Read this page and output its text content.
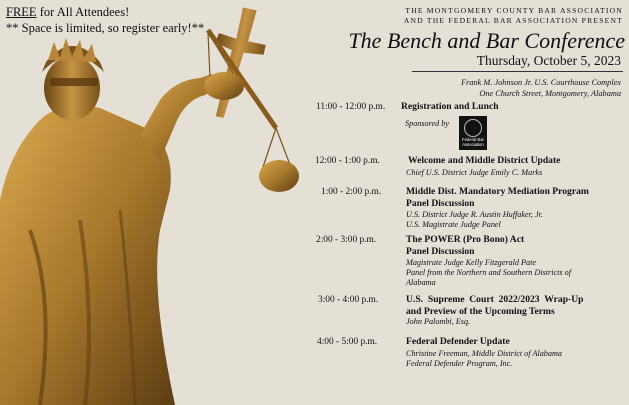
FREE for All Attendees!
** Space is limited, so register early!**
THE MONTGOMERY COUNTY BAR ASSOCIATION
AND THE FEDERAL BAR ASSOCIATION PRESENT
The Bench and Bar Conference
Thursday, October 5, 2023
Frank M. Johnson Jr. U.S. Courthouse Complex
One Church Street, Montgomery, Alabama
11:00 - 12:00 p.m. Registration and Lunch
Sponsored by
Federal Bar Association
12:00 - 1:00 p.m.	Welcome and Middle District Update
Chief U.S. District Judge Emily C. Marks
1:00 - 2:00 p.m.	Middle Dist. Mandatory Mediation Program
Panel Discussion
U.S. District Judge R. Austin Huffaker, Jr.
U.S. Magistrate Judge Panel
2:00 - 3:00 p.m.	The POWER (Pro Bono) Act
Panel Discussion
Magistrate Judge Kelly Fitzgerald Pate
Panel from the Northern and Southern Districts of
Alabama
3:00 - 4:00 p.m.	U.S.  Supreme  Court  2022/2023  Wrap-Up
and Preview of the Upcoming Terms
John Palombi, Esq.
4:00 - 5:00 p.m.	Federal Defender Update
Christine Freeman, Middle District of Alabama
Federal Defender Program, Inc.
